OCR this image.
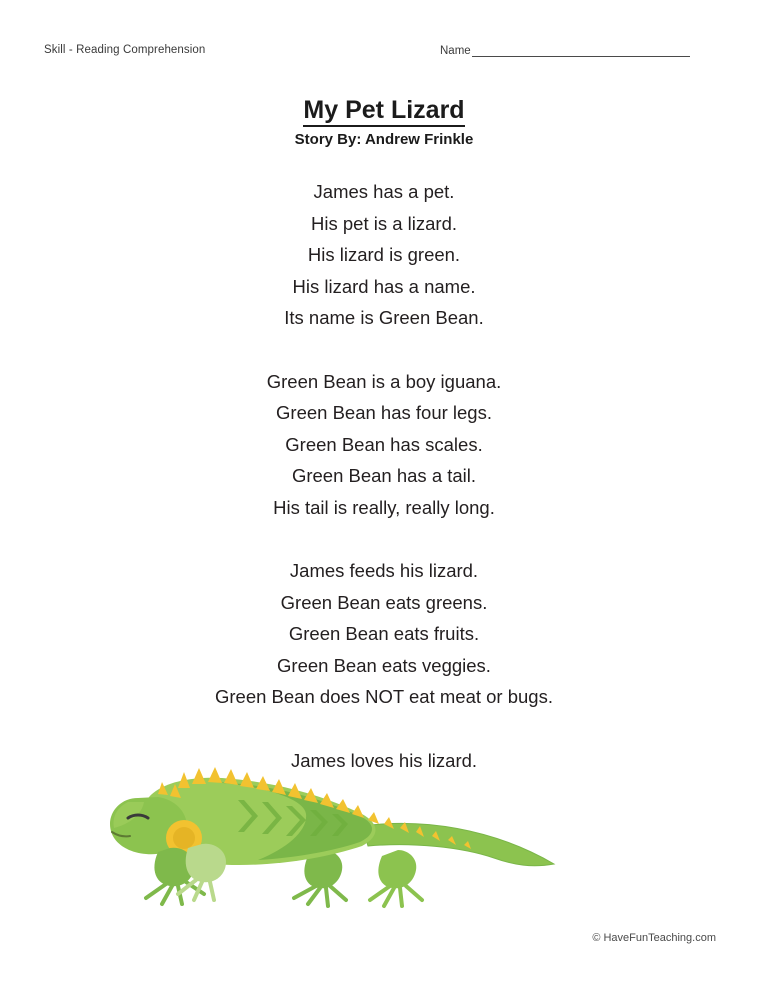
Skill - Reading Comprehension	Name
My Pet Lizard
Story By: Andrew Frinkle
James has a pet.
His pet is a lizard.
His lizard is green.
His lizard has a name.
Its name is Green Bean.
Green Bean is a boy iguana.
Green Bean has four legs.
Green Bean has scales.
Green Bean has a tail.
His tail is really, really long.
James feeds his lizard.
Green Bean eats greens.
Green Bean eats fruits.
Green Bean eats veggies.
Green Bean does NOT eat meat or bugs.
James loves his lizard.
© HaveFunTeaching.com
